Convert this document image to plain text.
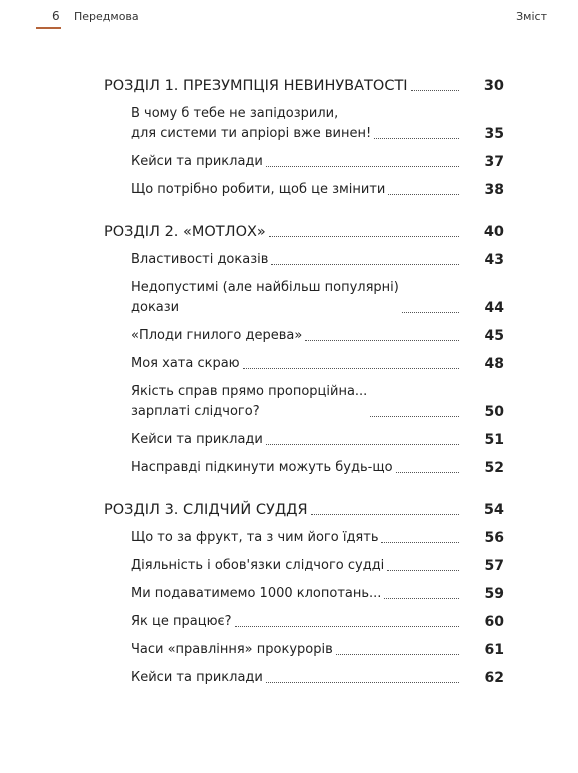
6 Передмова	Зміст
РОЗДІЛ 1. ПРЕЗУМПЦІЯ НЕВИНУВАТОСТІ	30
В чому б тебе не запідозрили,
для системи ти апріорі вже винен!	35
Кейси та приклади	37
Що потрібно робити, щоб це змінити	38
РОЗДІЛ 2. «МОТЛОХ»	40
Властивості доказів	43
Недопустимі (але найбільш популярні)
докази	44
«Плоди гнилого дерева»	45
Моя хата скраю	48
Якість справ прямо пропорційна...
зарплаті слідчого?	50
Кейси та приклади	51
Насправді підкинути можуть будь-що	52
РОЗДІЛ 3. СЛІДЧИЙ СУДДЯ	54
Що то за фрукт, та з чим його їдять	56
Діяльність і обов'язки слідчого судді	57
Ми подаватимемо 1000 клопотань...	59
Як це працює?	60
Часи «правління» прокурорів	61
Кейси та приклади	62
